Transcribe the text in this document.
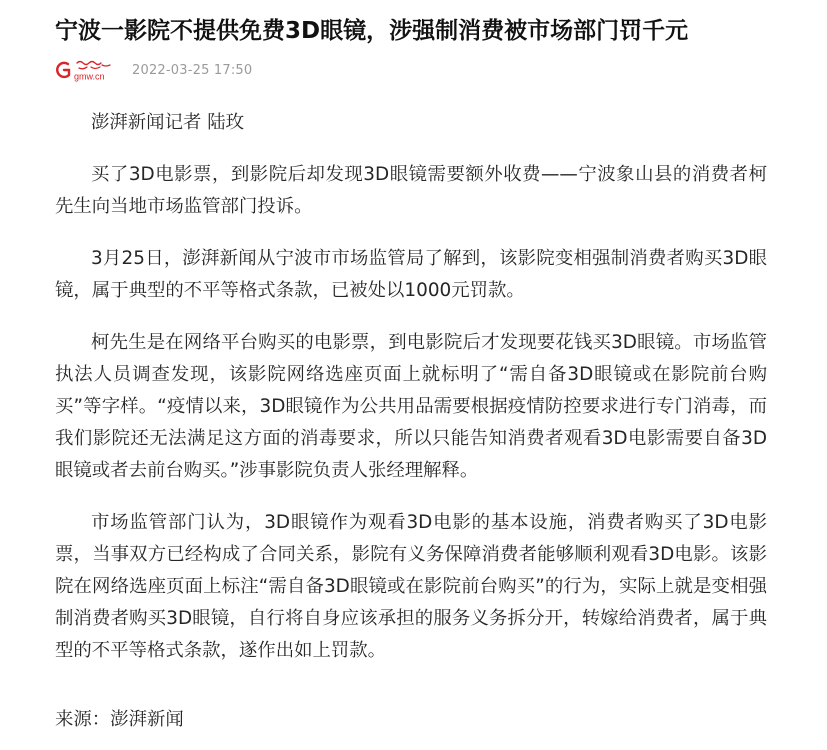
宁波一影院不提供免费3D眼镜，涉强制消费被市场部门罚千元
gmw.cn 2022-03-25 17:50

澎湃新闻记者 陆玫

买了3D电影票，到影院后却发现3D眼镜需要额外收费——宁波象山县的消费者柯先生向当地市场监管部门投诉。

3月25日，澎湃新闻从宁波市市场监管局了解到，该影院变相强制消费者购买3D眼镜，属于典型的不平等格式条款，已被处以1000元罚款。

柯先生是在网络平台购买的电影票，到电影院后才发现要花钱买3D眼镜。市场监管执法人员调查发现，该影院网络选座页面上就标明了“需自备3D眼镜或在影院前台购买”等字样。“疫情以来，3D眼镜作为公共用品需要根据疫情防控要求进行专门消毒，而我们影院还无法满足这方面的消毒要求，所以只能告知消费者观看3D电影需要自备3D眼镜或者去前台购买。”涉事影院负责人张经理解释。

市场监管部门认为，3D眼镜作为观看3D电影的基本设施，消费者购买了3D电影票，当事双方已经构成了合同关系，影院有义务保障消费者能够顺利观看3D电影。该影院在网络选座页面上标注“需自备3D眼镜或在影院前台购买”的行为，实际上就是变相强制消费者购买3D眼镜，自行将自身应该承担的服务义务拆分开，转嫁给消费者，属于典型的不平等格式条款，遂作出如上罚款。

来源：澎湃新闻
